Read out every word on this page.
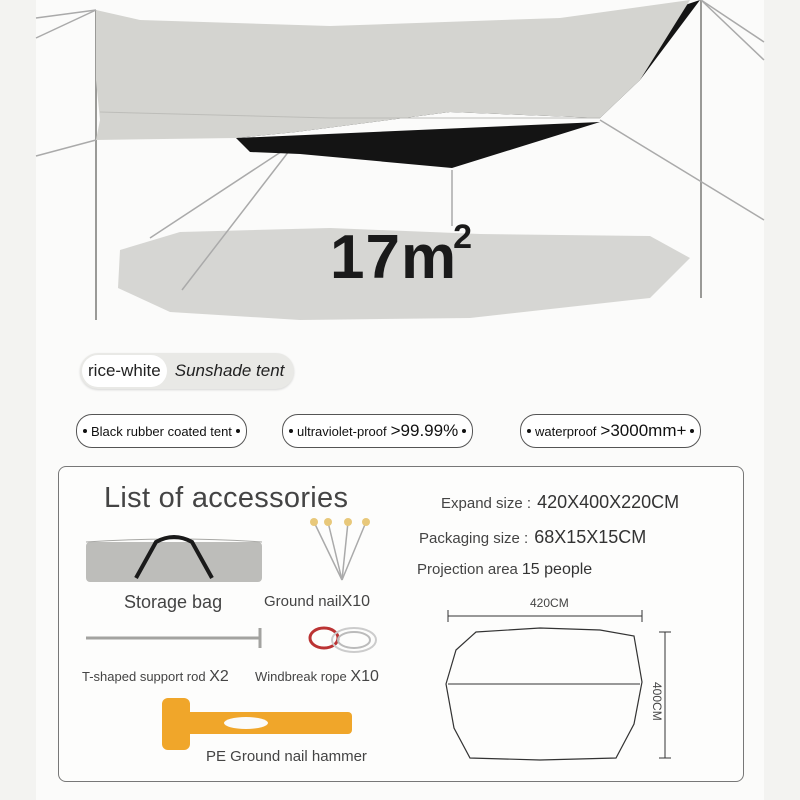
$17m^2$
rice-white Sunshade tent
Black rubber coated tent	ultraviolet-proof >99.99%	waterproof >3000mm+
List of accessories
Storage bag	Ground nailX10
T-shaped support rod X2 Windbreak rope X10
PE Ground nail hammer
Expand size : 420X400X220CM
Packaging size : 68X15X15CM
Projection area 15 people
420CM
400CM
